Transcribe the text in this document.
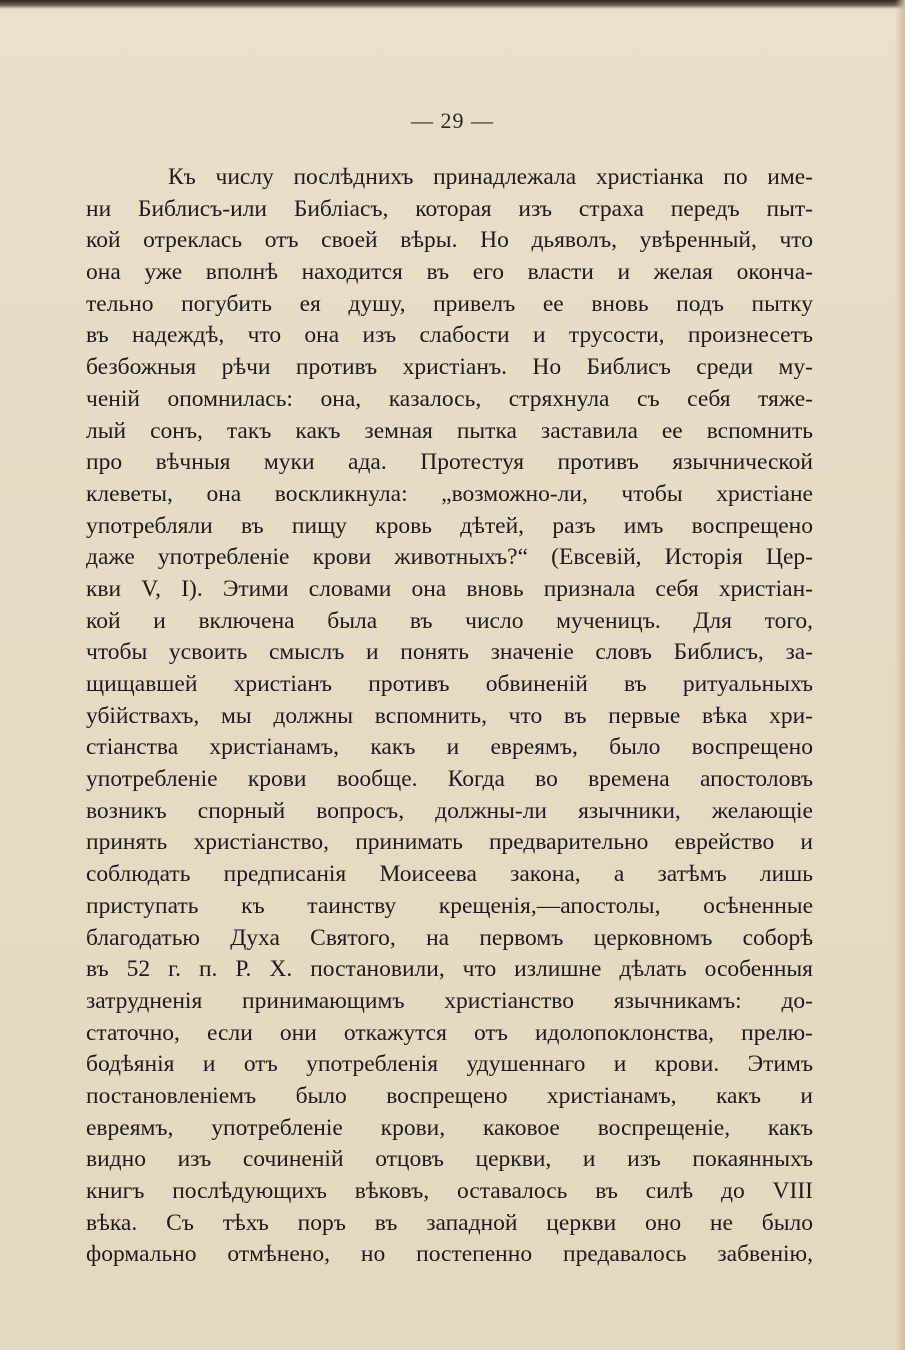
— 29 —
Къ числу послѣднихъ принадлежала христіанка по име-
ни Библисъ-или Библіасъ, которая изъ страха передъ пыт-
кой отреклась отъ своей вѣры. Но дьяволъ, увѣренный, что
она уже вполнѣ находится въ его власти и желая оконча-
тельно погубить ея душу, привелъ ее вновь подъ пытку
въ надеждѣ, что она изъ слабости и трусости, произнесетъ
безбожныя рѣчи противъ христіанъ. Но Библисъ среди му-
ченій опомнилась: она, казалось, стряхнула съ себя тяже-
лый сонъ, такъ какъ земная пытка заставила ее вспомнить
про вѣчныя муки ада. Протестуя противъ язычнической
клеветы, она воскликнула: „возможно-ли, чтобы христіане
употребляли въ пищу кровь дѣтей, разъ имъ воспрещено
даже употребленіе крови животныхъ?“ (Евсевій, Исторія Цер-
кви V, I). Этими словами она вновь признала себя христіан-
кой и включена была въ число мученицъ. Для того,
чтобы усвоить смыслъ и понять значеніе словъ Библисъ, за-
щищавшей христіанъ противъ обвиненій въ ритуальныхъ
убійствахъ, мы должны вспомнить, что въ первые вѣка хри-
стіанства христіанамъ, какъ и евреямъ, было воспрещено
употребленіе крови вообще. Когда во времена апостоловъ
возникъ спорный вопросъ, должны-ли язычники, желающіе
принять христіанство, принимать предварительно еврейство и
соблюдать предписанія Моисеева закона, а затѣмъ лишь
приступать къ таинству крещенія,—апостолы, осѣненные
благодатью Духа Святого, на первомъ церковномъ соборѣ
въ 52 г. п. Р. Х. постановили, что излишне дѣлать особенныя
затрудненія принимающимъ христіанство язычникамъ: до-
статочно, если они откажутся отъ идолопоклонства, прелю-
бодѣянія и отъ употребленія удушеннаго и крови. Этимъ
постановленіемъ было воспрещено христіанамъ, какъ и
евреямъ, употребленіе крови, каковое воспрещеніе, какъ
видно изъ сочиненій отцовъ церкви, и изъ покаянныхъ
книгъ послѣдующихъ вѣковъ, оставалось въ силѣ до VIII
вѣка. Съ тѣхъ поръ въ западной церкви оно не было
формально отмѣнено, но постепенно предавалось забвенію,
